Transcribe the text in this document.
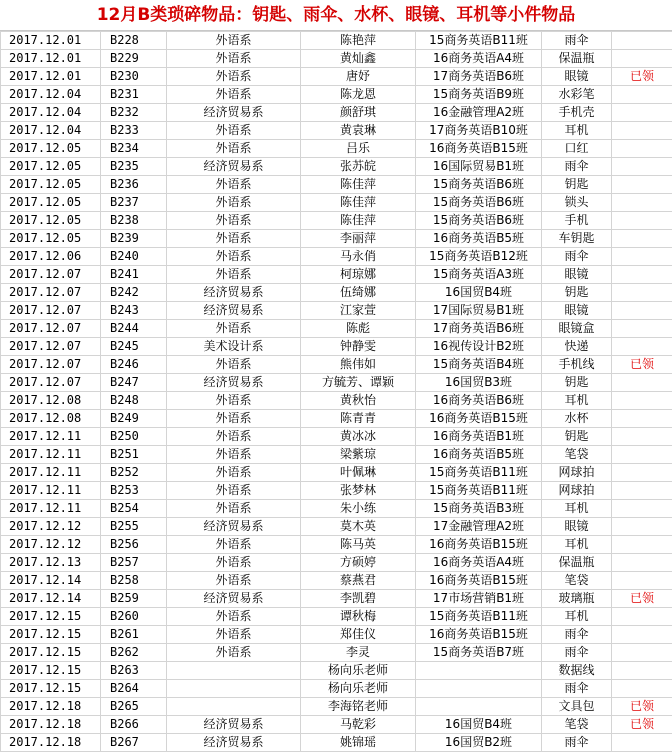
12月B类琐碎物品：钥匙、雨伞、水杯、眼镜、耳机等小件物品
2017.12.01	B228	外语系	陈艳萍	15商务英语B11班	雨伞	
2017.12.01	B229	外语系	黄灿鑫	16商务英语A4班	保温瓶	
2017.12.01	B230	外语系	唐妤	17商务英语B6班	眼镜	已领
2017.12.04	B231	外语系	陈龙恩	15商务英语B9班	水彩笔	
2017.12.04	B232	经济贸易系	颜舒琪	16金融管理A2班	手机壳	
2017.12.04	B233	外语系	黄袁琳	17商务英语B10班	耳机	
2017.12.05	B234	外语系	吕乐	16商务英语B15班	口红	
2017.12.05	B235	经济贸易系	张苏皖	16国际贸易B1班	雨伞	
2017.12.05	B236	外语系	陈佳萍	15商务英语B6班	钥匙	
2017.12.05	B237	外语系	陈佳萍	15商务英语B6班	锁头	
2017.12.05	B238	外语系	陈佳萍	15商务英语B6班	手机	
2017.12.05	B239	外语系	李丽萍	16商务英语B5班	车钥匙	
2017.12.06	B240	外语系	马永俏	15商务英语B12班	雨伞	
2017.12.07	B241	外语系	柯琼娜	15商务英语A3班	眼镜	
2017.12.07	B242	经济贸易系	伍绮娜	16国贸B4班	钥匙	
2017.12.07	B243	经济贸易系	江家萱	17国际贸易B1班	眼镜	
2017.12.07	B244	外语系	陈彪	17商务英语B6班	眼镜盒	
2017.12.07	B245	美术设计系	钟静雯	16视传设计B2班	快递	
2017.12.07	B246	外语系	熊伟如	15商务英语B4班	手机线	已领
2017.12.07	B247	经济贸易系	方毓芳、谭颖	16国贸B3班	钥匙	
2017.12.08	B248	外语系	黄秋怡	16商务英语B6班	耳机	
2017.12.08	B249	外语系	陈青青	16商务英语B15班	水杯	
2017.12.11	B250	外语系	黄冰冰	16商务英语B1班	钥匙	
2017.12.11	B251	外语系	梁紫琼	16商务英语B5班	笔袋	
2017.12.11	B252	外语系	叶佩琳	15商务英语B11班	网球拍	
2017.12.11	B253	外语系	张梦林	15商务英语B11班	网球拍	
2017.12.11	B254	外语系	朱小练	15商务英语B3班	耳机	
2017.12.12	B255	经济贸易系	莫木英	17金融管理A2班	眼镜	
2017.12.12	B256	外语系	陈马英	16商务英语B15班	耳机	
2017.12.13	B257	外语系	方硕婷	16商务英语A4班	保温瓶	
2017.12.14	B258	外语系	蔡燕君	16商务英语B15班	笔袋	
2017.12.14	B259	经济贸易系	李凯碧	17市场营销B1班	玻璃瓶	已领
2017.12.15	B260	外语系	谭秋梅	15商务英语B11班	耳机	
2017.12.15	B261	外语系	郑佳仪	16商务英语B15班	雨伞	
2017.12.15	B262	外语系	李灵	15商务英语B7班	雨伞	
2017.12.15	B263		杨向乐老师		数据线	
2017.12.15	B264		杨向乐老师		雨伞	
2017.12.18	B265		李海铭老师		文具包	已领
2017.12.18	B266	经济贸易系	马乾彩	16国贸B4班	笔袋	已领
2017.12.18	B267	经济贸易系	姚锦瑶	16国贸B2班	雨伞	
